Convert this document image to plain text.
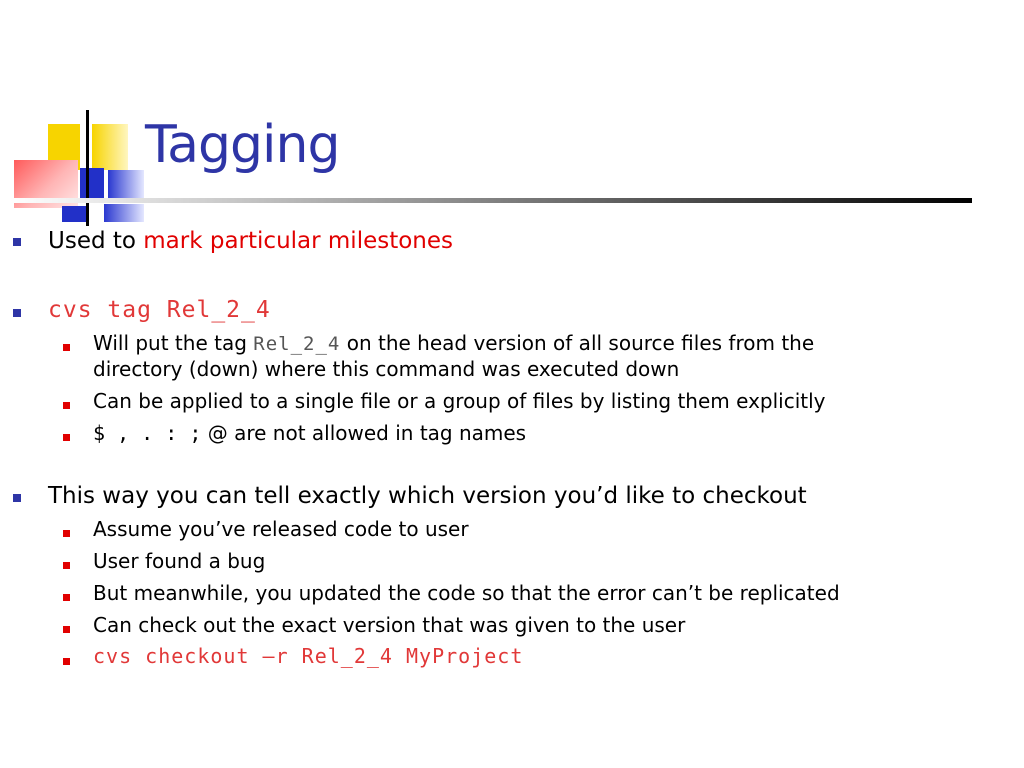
Tagging
Used to mark particular milestones
cvs tag Rel_2_4
Will put the tag Rel_2_4 on the head version of all source files from the
directory (down) where this command was executed down
Can be applied to a single file or a group of files by listing them explicitly
$ , . : ; @ are not allowed in tag names
This way you can tell exactly which version you’d like to checkout
Assume you’ve released code to user
User found a bug
But meanwhile, you updated the code so that the error can’t be replicated
Can check out the exact version that was given to the user
cvs checkout –r Rel_2_4 MyProject
